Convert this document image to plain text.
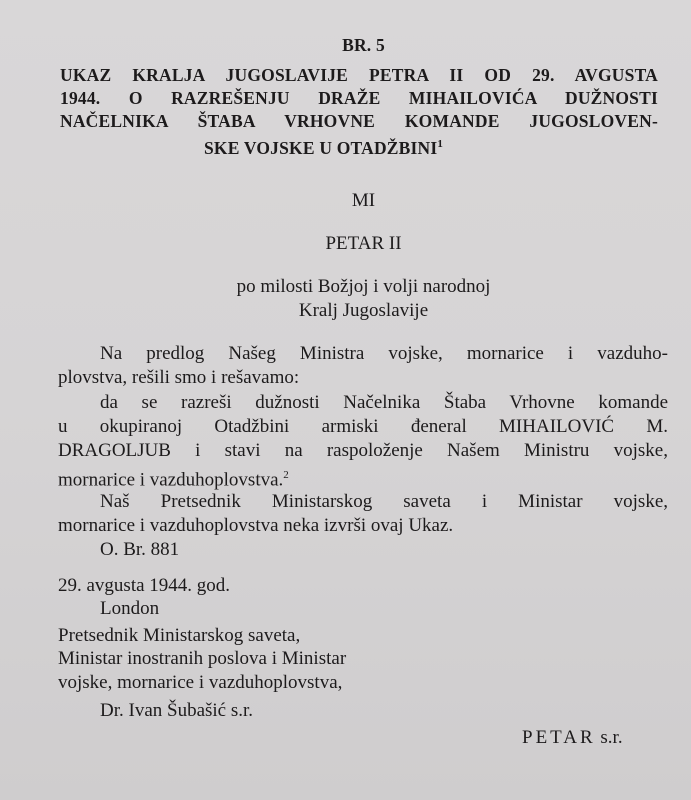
BR. 5
UKAZ KRALJA JUGOSLAVIJE PETRA II OD 29. AVGUSTA
1944. O RAZREŠENJU DRAŽE MIHAILOVIĆA DUŽNOSTI
NAČELNIKA ŠTABA VRHOVNE KOMANDE JUGOSLOVEN-
SKE VOJSKE U OTADŽBINI$^1$
MI
PETAR II
po milosti Božjoj i volji narodnoj
Kralj Jugoslavije
Na predlog Našeg Ministra vojske, mornarice i vazduho-
plovstva, rešili smo i rešavamo:
da se razreši dužnosti Načelnika Štaba Vrhovne komande
u okupiranoj Otadžbini armiski đeneral MIHAILOVIĆ M.
DRAGOLJUB i stavi na raspoloženje Našem Ministru vojske,
mornarice i vazduhoplovstva.$^2$
Naš Pretsednik Ministarskog saveta i Ministar vojske,
mornarice i vazduhoplovstva neka izvrši ovaj Ukaz.
O. Br. 881
29. avgusta 1944. god.
London
Pretsednik Ministarskog saveta,
Ministar inostranih poslova i Ministar
vojske, mornarice i vazduhoplovstva,
Dr. Ivan Šubašić s.r.
PETAR s.r.
